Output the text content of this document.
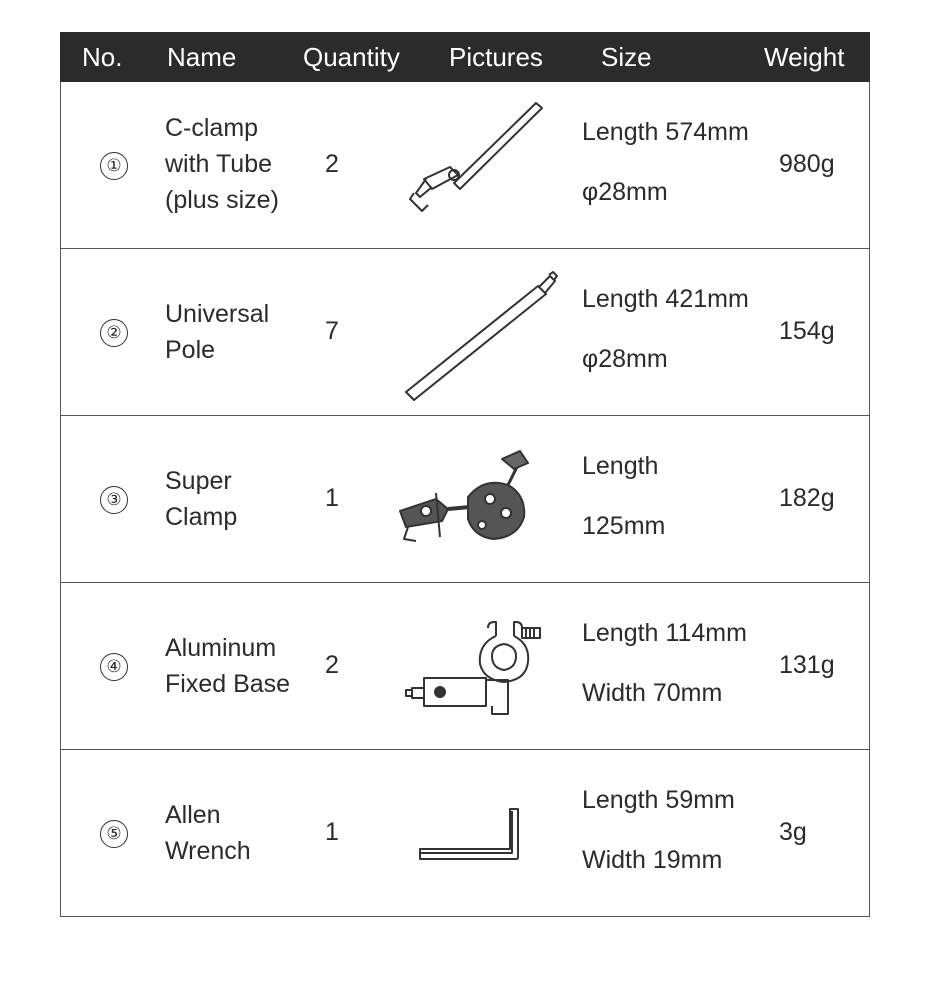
No. Name	Quantity Pictures Size	Weight
①
C-clamp
with Tube
(plus size)
2
Length 574mm
φ28mm
980g
②
Universal
Pole
7
Length 421mm
φ28mm
154g
③
Super
Clamp
1
Length
125mm
182g
④
Aluminum
Fixed Base
2
Length 114mm
Width 70mm
131g
⑤
Allen
Wrench
1
Length 59mm
Width 19mm
3g
